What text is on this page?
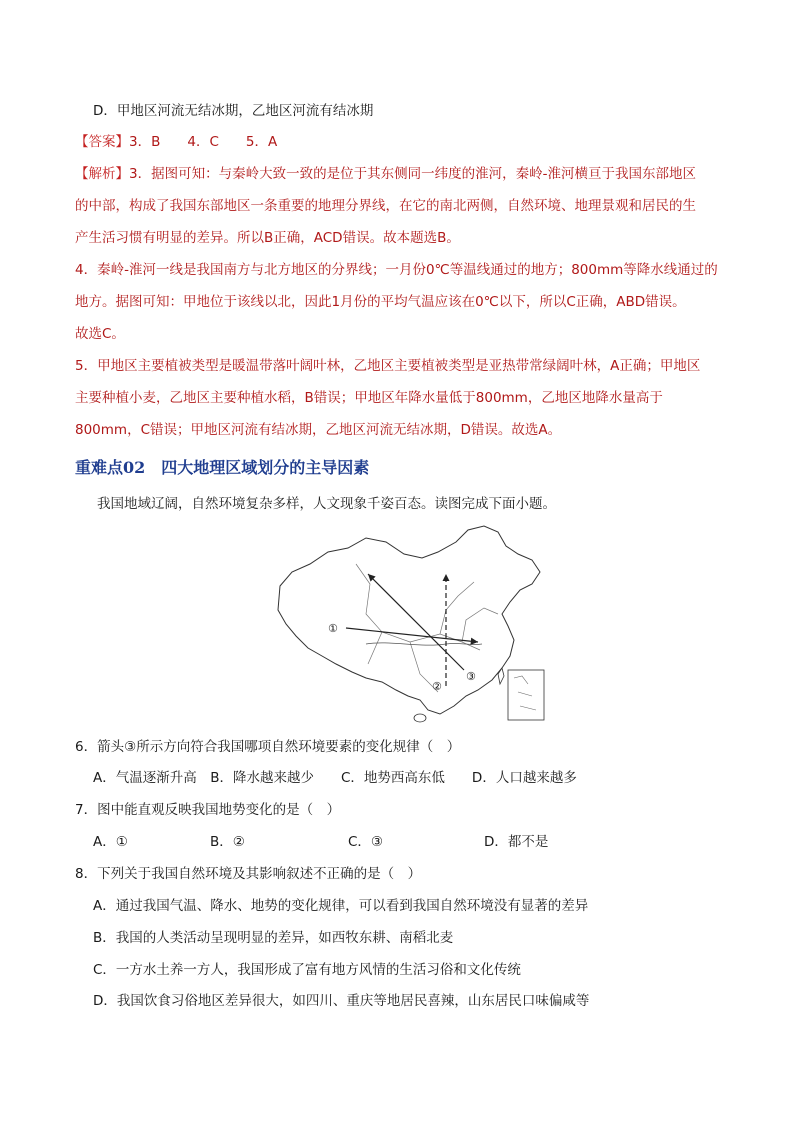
D．甲地区河流无结冰期，乙地区河流有结冰期
【答案】3．B　　4．C　　5．A
【解析】3．据图可知：与秦岭大致一致的是位于其东侧同一纬度的淮河，秦岭-淮河横亘于我国东部地区
的中部，构成了我国东部地区一条重要的地理分界线，在它的南北两侧，自然环境、地理景观和居民的生
产生活习惯有明显的差异。所以B正确，ACD错误。故本题选B。
4．秦岭-淮河一线是我国南方与北方地区的分界线；一月份0℃等温线通过的地方；800mm等降水线通过的
地方。据图可知：甲地位于该线以北，因此1月份的平均气温应该在0℃以下，所以C正确，ABD错误。
故选C。
5．甲地区主要植被类型是暖温带落叶阔叶林，乙地区主要植被类型是亚热带常绿阔叶林，A正确；甲地区
主要种植小麦，乙地区主要种植水稻，B错误；甲地区年降水量低于800mm，乙地区地降水量高于
800mm，C错误；甲地区河流有结冰期，乙地区河流无结冰期，D错误。故选A。
重难点02 四大地理区域划分的主导因素
我国地域辽阔，自然环境复杂多样，人文现象千姿百态。读图完成下面小题。
①
②
③
6．箭头③所示方向符合我国哪项自然环境要素的变化规律（　）
A．气温逐渐升高　B．降水越来越少　　C．地势西高东低　　D．人口越来越多
7．图中能直观反映我国地势变化的是（　）
A．①	B．②	C．③	D．都不是
8．下列关于我国自然环境及其影响叙述不正确的是（　）
A．通过我国气温、降水、地势的变化规律，可以看到我国自然环境没有显著的差异
B．我国的人类活动呈现明显的差异，如西牧东耕、南稻北麦
C．一方水土养一方人，我国形成了富有地方风情的生活习俗和文化传统
D．我国饮食习俗地区差异很大，如四川、重庆等地居民喜辣，山东居民口味偏咸等
